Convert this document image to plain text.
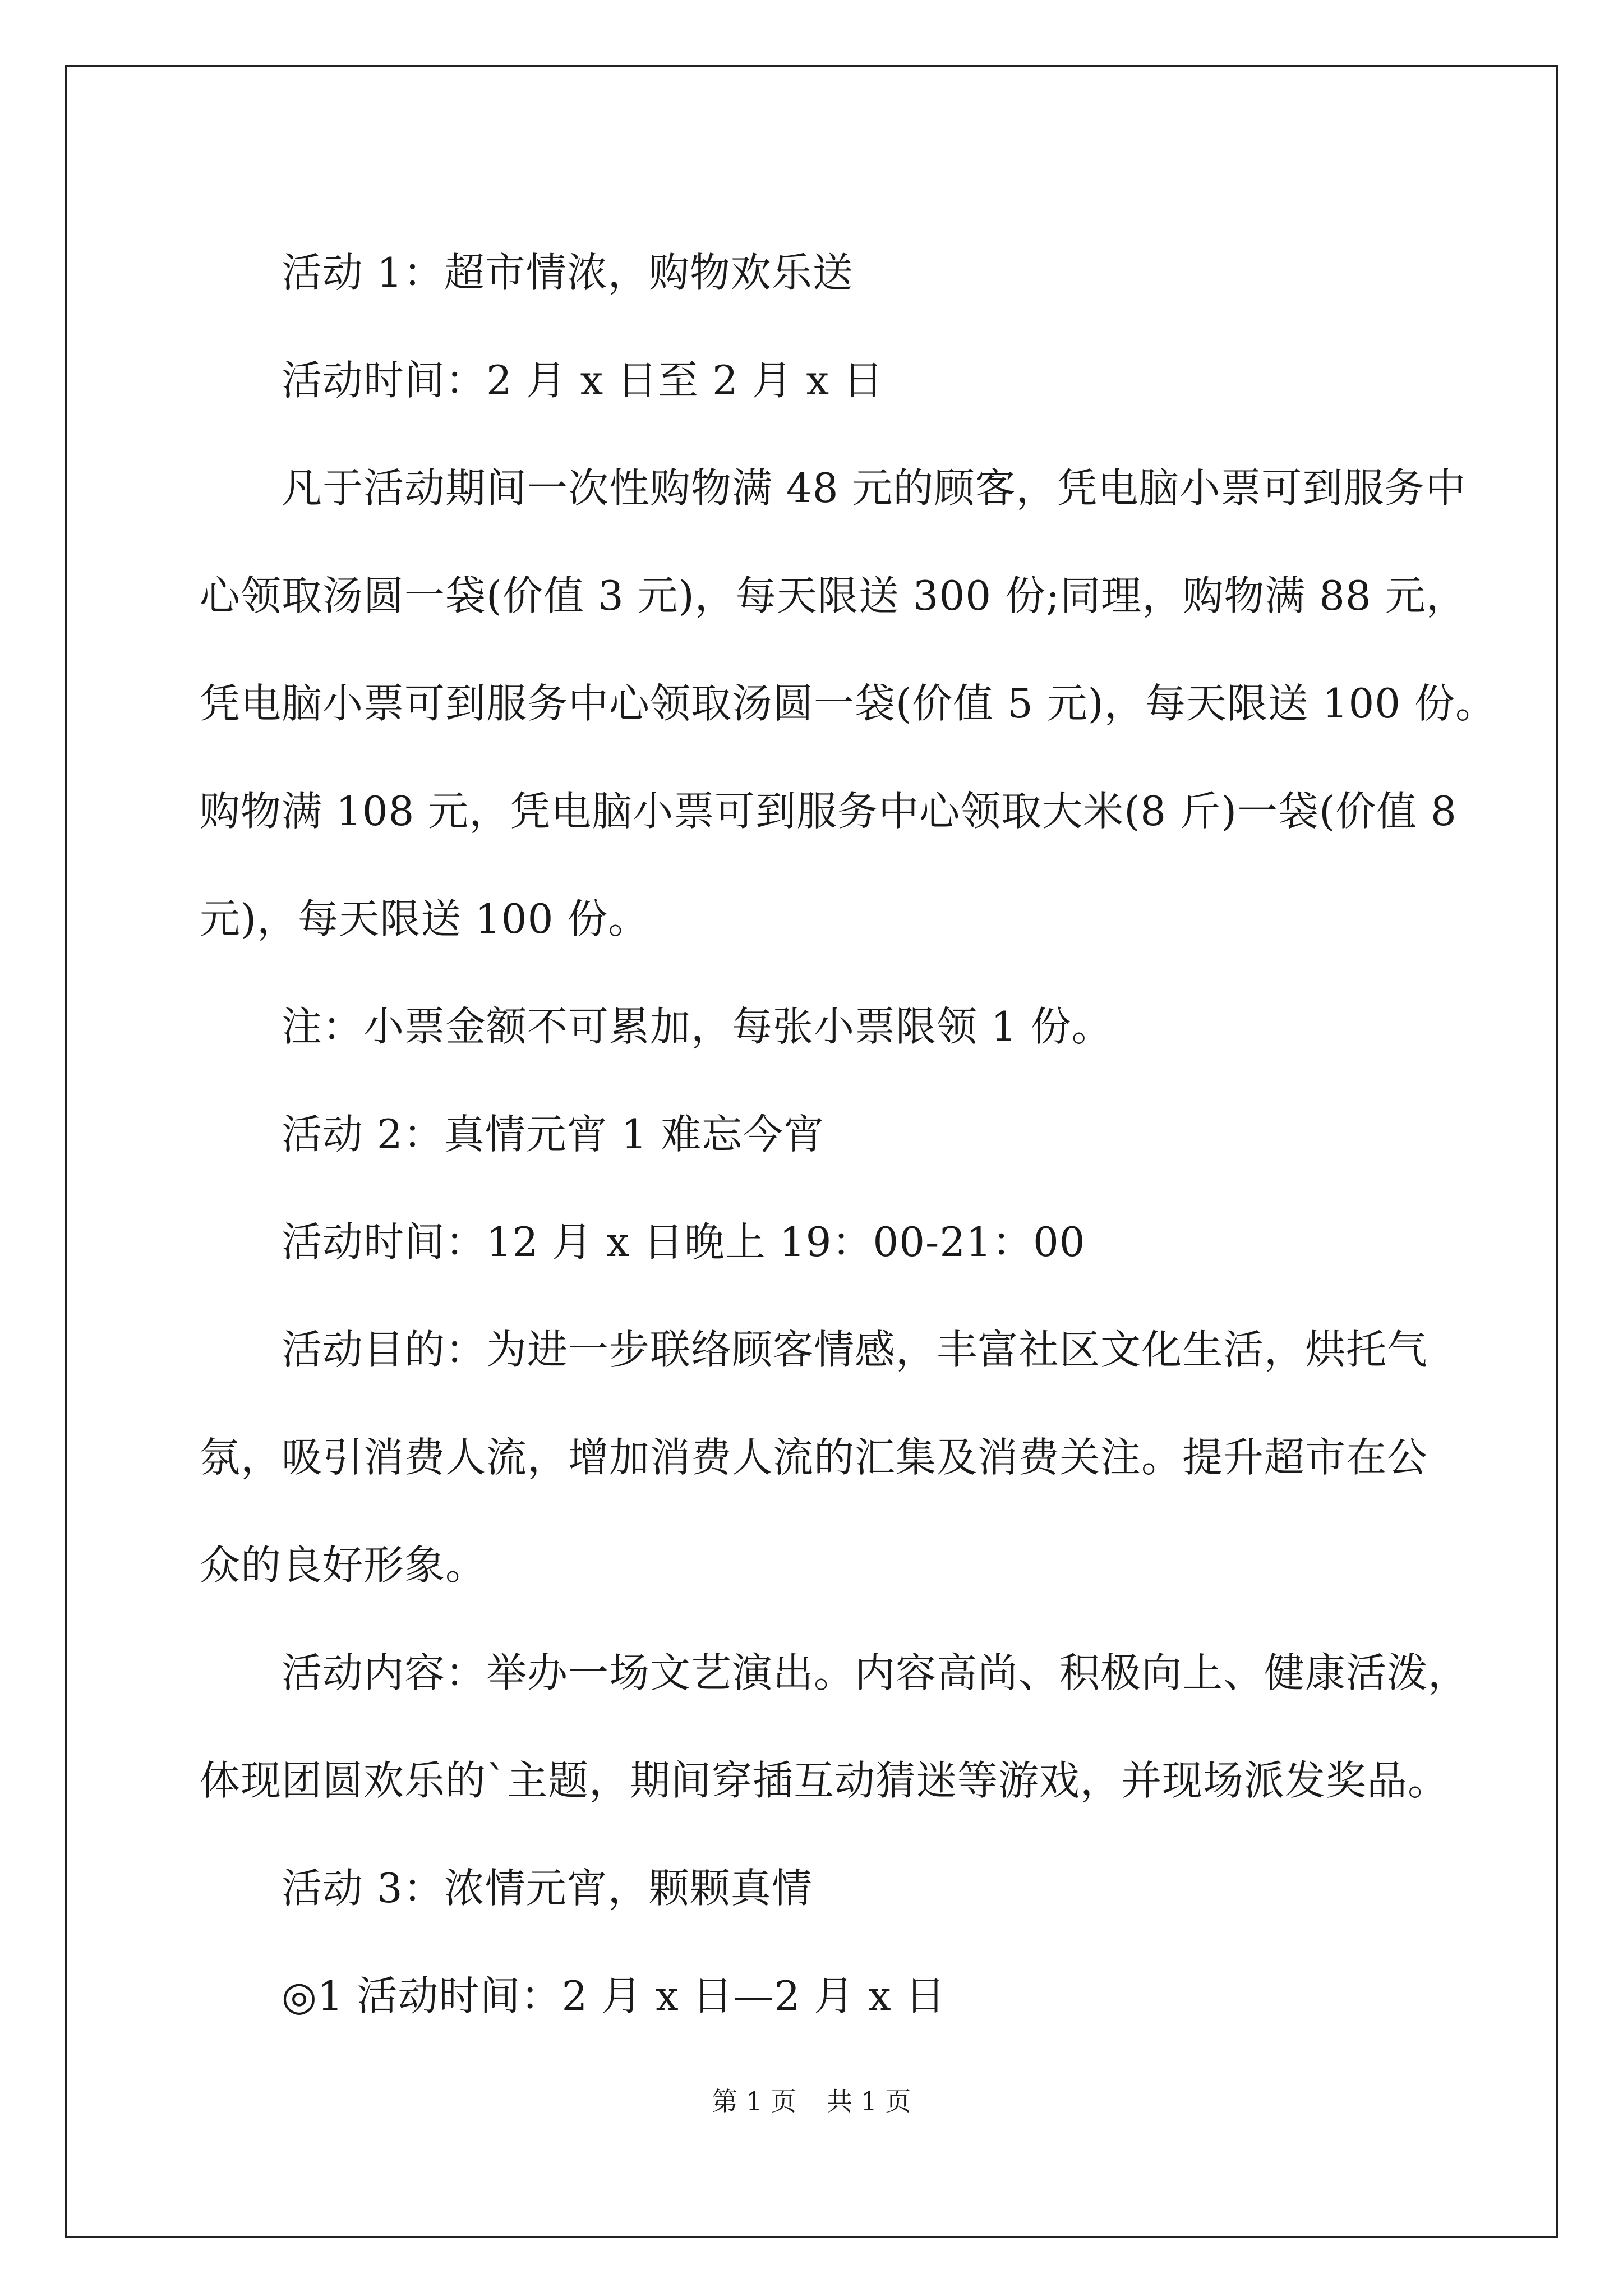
活动 1：超市情浓，购物欢乐送

活动时间：2 月 x 日至 2 月 x 日

凡于活动期间一次性购物满 48 元的顾客，凭电脑小票可到服务中

心领取汤圆一袋(价值 3 元)，每天限送 300 份;同理，购物满 88 元，

凭电脑小票可到服务中心领取汤圆一袋(价值 5 元)，每天限送 100 份。

购物满 108 元，凭电脑小票可到服务中心领取大米(8 斤)一袋(价值 8

元)，每天限送 100 份。

注：小票金额不可累加，每张小票限领 1 份。

活动 2：真情元宵 1 难忘今宵

活动时间：12 月 x 日晚上 19：00-21：00

活动目的：为进一步联络顾客情感，丰富社区文化生活，烘托气

氛，吸引消费人流，增加消费人流的汇集及消费关注。提升超市在公

众的良好形象。

活动内容：举办一场文艺演出。内容高尚、积极向上、健康活泼，

体现团圆欢乐的`主题，期间穿插互动猜迷等游戏，并现场派发奖品。

活动 3：浓情元宵，颗颗真情

◎1 活动时间：2 月 x 日—2 月 x 日

第 1 页 共 1 页
